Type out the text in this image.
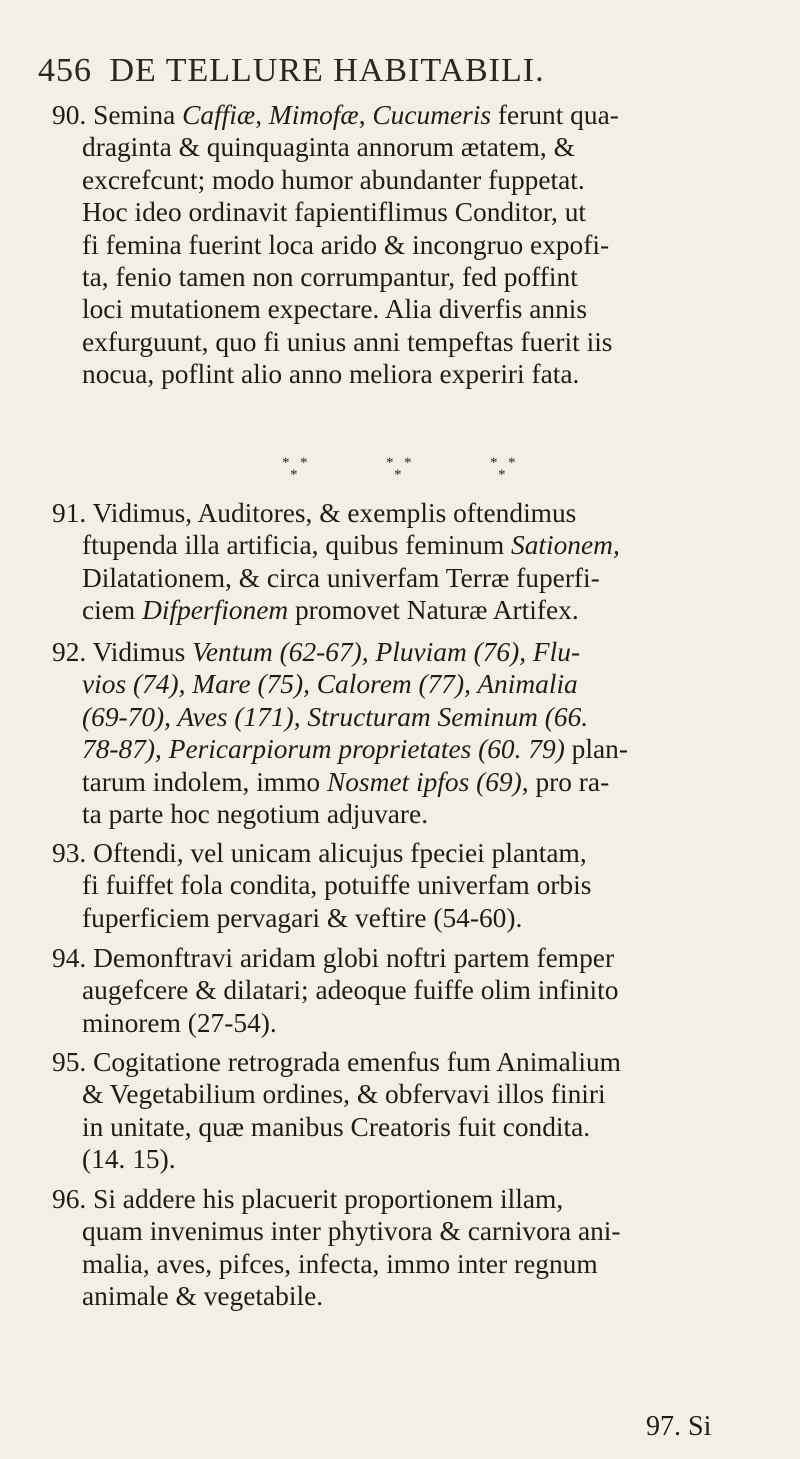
456 DE TELLURE HABITABILI.
90. Semina Caffiæ, Mimofæ, Cucumeris ferunt qua-
draginta & quinquaginta annorum ætatem, &
excrefcunt; modo humor abundanter fuppetat.
Hoc ideo ordinavit fapientiflimus Conditor, ut
fi femina fuerint loca arido & incongruo expofi-
ta, fenio tamen non corrumpantur, fed poffint
loci mutationem expectare. Alia diverfis annis
exfurguunt, quo fi unius anni tempeftas fuerit iis
nocua, poflint alio anno meliora experiri fata.
* *
*
* *
*
* *
*
91. Vidimus, Auditores, & exemplis oftendimus
ftupenda illa artificia, quibus feminum Sationem,
Dilatationem, & circa univerfam Terræ fuperfi-
ciem Difperfionem promovet Naturæ Artifex.
92. Vidimus Ventum (62-67), Pluviam (76), Flu-
vios (74), Mare (75), Calorem (77), Animalia
(69-70), Aves (171), Structuram Seminum (66.
78-87), Pericarpiorum proprietates (60. 79) plan-
tarum indolem, immo Nosmet ipfos (69), pro ra-
ta parte hoc negotium adjuvare.
93. Oftendi, vel unicam alicujus fpeciei plantam,
fi fuiffet fola condita, potuiffe univerfam orbis
fuperficiem pervagari & veftire (54-60).
94. Demonftravi aridam globi noftri partem femper
augefcere & dilatari; adeoque fuiffe olim infinito
minorem (27-54).
95. Cogitatione retrograda emenfus fum Animalium
& Vegetabilium ordines, & obfervavi illos finiri
in unitate, quæ manibus Creatoris fuit condita.
(14. 15).
96. Si addere his placuerit proportionem illam,
quam invenimus inter phytivora & carnivora ani-
malia, aves, pifces, infecta, immo inter regnum
animale & vegetabile.
97. Si
